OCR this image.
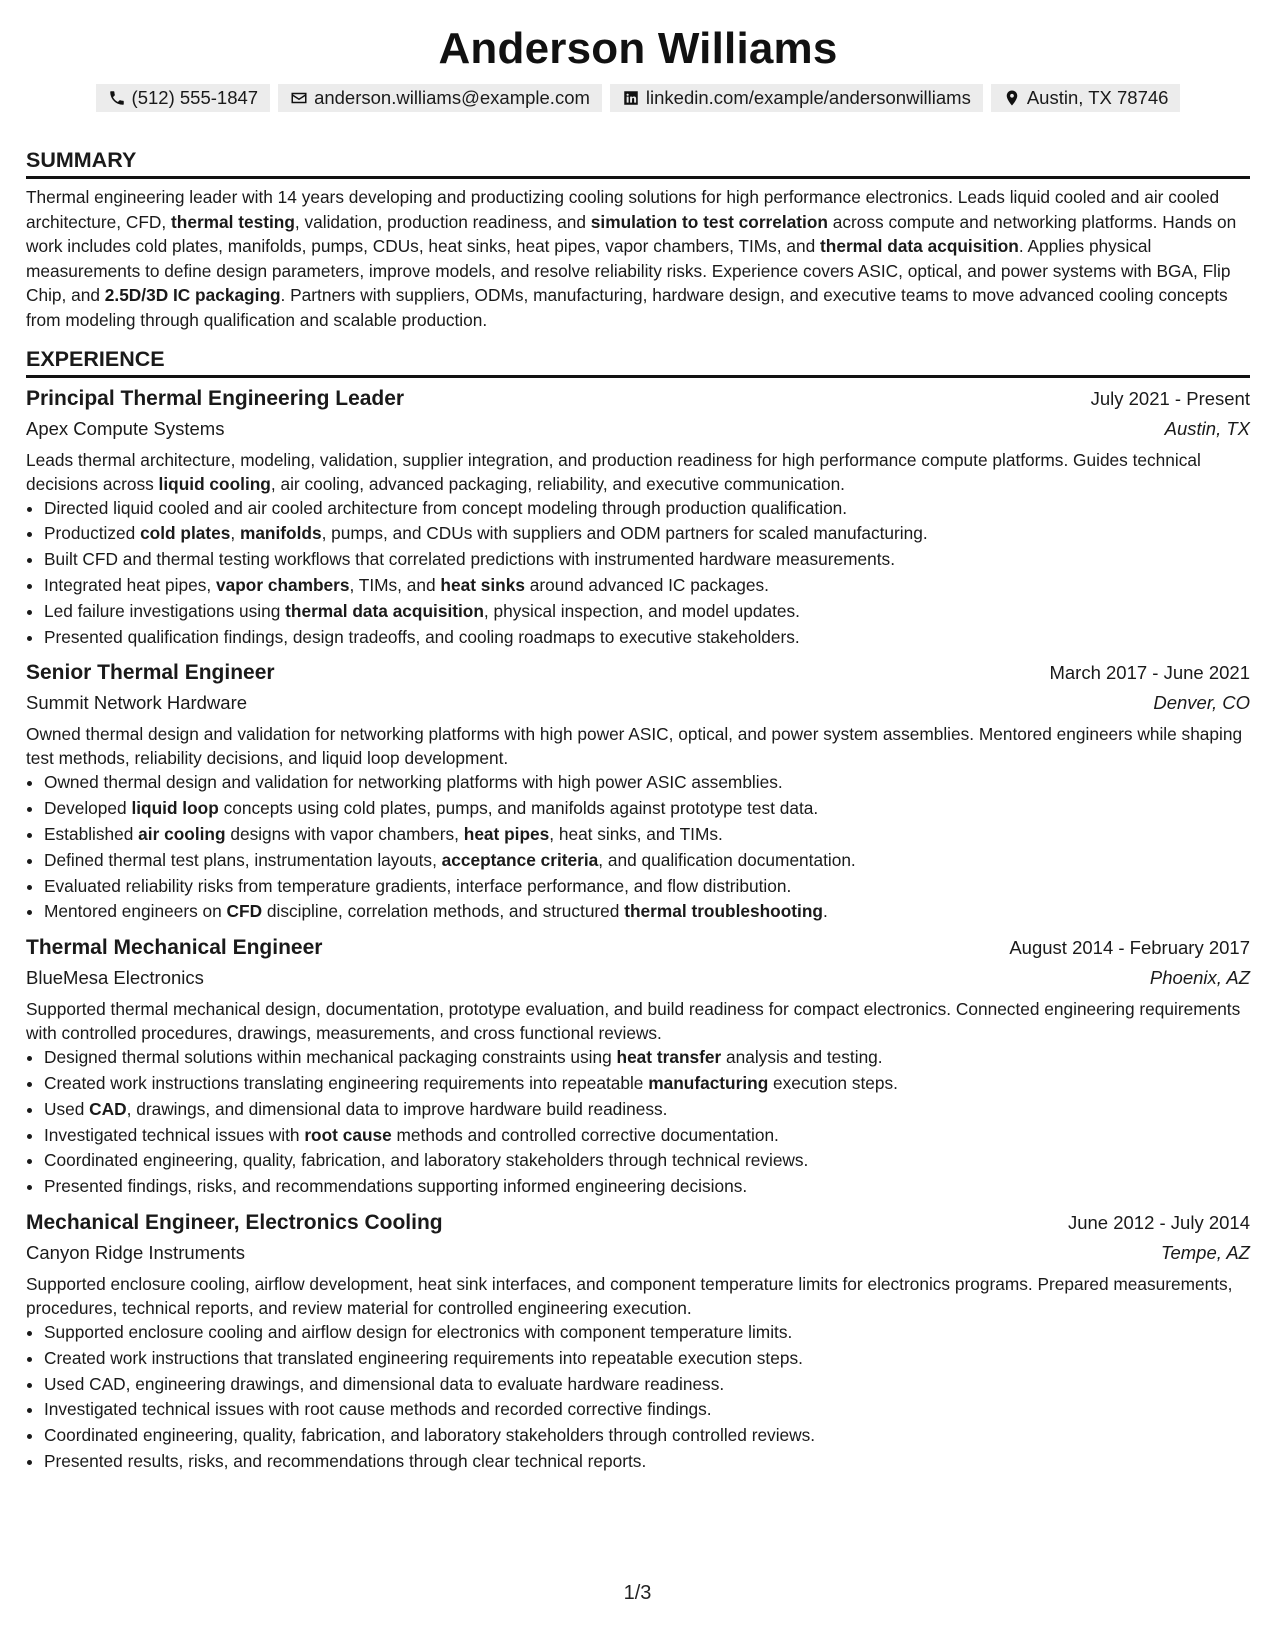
Anderson Williams
(512) 555-1847	anderson.williams@example.com	linkedin.com/example/andersonwilliams	Austin, TX 78746
SUMMARY
Thermal engineering leader with 14 years developing and productizing cooling solutions for high performance electronics. Leads liquid cooled and air cooled architecture, CFD, thermal testing, validation, production readiness, and simulation to test correlation across compute and networking platforms. Hands on work includes cold plates, manifolds, pumps, CDUs, heat sinks, heat pipes, vapor chambers, TIMs, and thermal data acquisition. Applies physical measurements to define design parameters, improve models, and resolve reliability risks. Experience covers ASIC, optical, and power systems with BGA, Flip Chip, and 2.5D/3D IC packaging. Partners with suppliers, ODMs, manufacturing, hardware design, and executive teams to move advanced cooling concepts from modeling through qualification and scalable production.
EXPERIENCE
Principal Thermal Engineering Leader	July 2021 - Present
Apex Compute Systems	Austin, TX
Leads thermal architecture, modeling, validation, supplier integration, and production readiness for high performance compute platforms. Guides technical decisions across liquid cooling, air cooling, advanced packaging, reliability, and executive communication.
• Directed liquid cooled and air cooled architecture from concept modeling through production qualification.
• Productized cold plates, manifolds, pumps, and CDUs with suppliers and ODM partners for scaled manufacturing.
• Built CFD and thermal testing workflows that correlated predictions with instrumented hardware measurements.
• Integrated heat pipes, vapor chambers, TIMs, and heat sinks around advanced IC packages.
• Led failure investigations using thermal data acquisition, physical inspection, and model updates.
• Presented qualification findings, design tradeoffs, and cooling roadmaps to executive stakeholders.
Senior Thermal Engineer	March 2017 - June 2021
Summit Network Hardware	Denver, CO
Owned thermal design and validation for networking platforms with high power ASIC, optical, and power system assemblies. Mentored engineers while shaping test methods, reliability decisions, and liquid loop development.
• Owned thermal design and validation for networking platforms with high power ASIC assemblies.
• Developed liquid loop concepts using cold plates, pumps, and manifolds against prototype test data.
• Established air cooling designs with vapor chambers, heat pipes, heat sinks, and TIMs.
• Defined thermal test plans, instrumentation layouts, acceptance criteria, and qualification documentation.
• Evaluated reliability risks from temperature gradients, interface performance, and flow distribution.
• Mentored engineers on CFD discipline, correlation methods, and structured thermal troubleshooting.
Thermal Mechanical Engineer	August 2014 - February 2017
BlueMesa Electronics	Phoenix, AZ
Supported thermal mechanical design, documentation, prototype evaluation, and build readiness for compact electronics. Connected engineering requirements with controlled procedures, drawings, measurements, and cross functional reviews.
• Designed thermal solutions within mechanical packaging constraints using heat transfer analysis and testing.
• Created work instructions translating engineering requirements into repeatable manufacturing execution steps.
• Used CAD, drawings, and dimensional data to improve hardware build readiness.
• Investigated technical issues with root cause methods and controlled corrective documentation.
• Coordinated engineering, quality, fabrication, and laboratory stakeholders through technical reviews.
• Presented findings, risks, and recommendations supporting informed engineering decisions.
Mechanical Engineer, Electronics Cooling	June 2012 - July 2014
Canyon Ridge Instruments	Tempe, AZ
Supported enclosure cooling, airflow development, heat sink interfaces, and component temperature limits for electronics programs. Prepared measurements, procedures, technical reports, and review material for controlled engineering execution.
• Supported enclosure cooling and airflow design for electronics with component temperature limits.
• Created work instructions that translated engineering requirements into repeatable execution steps.
• Used CAD, engineering drawings, and dimensional data to evaluate hardware readiness.
• Investigated technical issues with root cause methods and recorded corrective findings.
• Coordinated engineering, quality, fabrication, and laboratory stakeholders through controlled reviews.
• Presented results, risks, and recommendations through clear technical reports.
1/3
